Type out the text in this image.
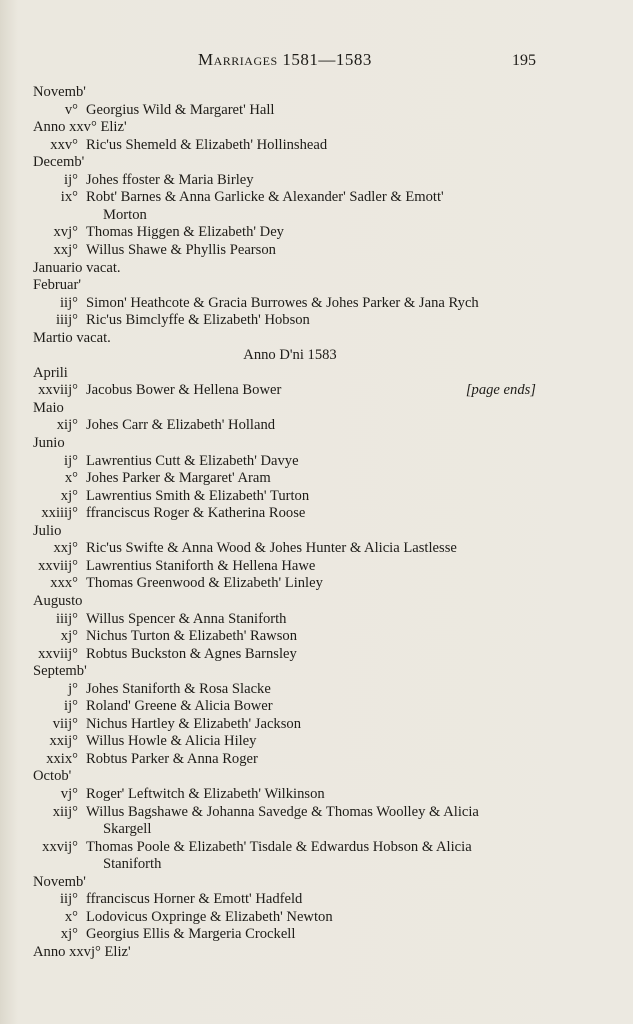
Marriages 1581—1583	195
Novemb'
v° Georgius Wild & Margaret' Hall
Anno xxv° Eliz'
xxv° Ric'us Shemeld & Elizabeth' Hollinshead
Decemb'
ij° Johes ffoster & Maria Birley
ix° Robt' Barnes & Anna Garlicke & Alexander' Sadler & Emott'
Morton
xvj° Thomas Higgen & Elizabeth' Dey
xxj° Willus Shawe & Phyllis Pearson
Januario vacat.
Februar'
iij° Simon' Heathcote & Gracia Burrowes & Johes Parker & Jana Rych
iiij° Ric'us Bimclyffe & Elizabeth' Hobson
Martio vacat.
Anno D'ni 1583
Aprili
xxviij° Jacobus Bower & Hellena Bower	[page ends]
Maio
xij° Johes Carr & Elizabeth' Holland
Junio
ij° Lawrentius Cutt & Elizabeth' Davye
x° Johes Parker & Margaret' Aram
xj° Lawrentius Smith & Elizabeth' Turton
xxiiij° ffranciscus Roger & Katherina Roose
Julio
xxj° Ric'us Swifte & Anna Wood & Johes Hunter & Alicia Lastlesse
xxviij° Lawrentius Staniforth & Hellena Hawe
xxx° Thomas Greenwood & Elizabeth' Linley
Augusto
iiij° Willus Spencer & Anna Staniforth
xj° Nichus Turton & Elizabeth' Rawson
xxviij° Robtus Buckston & Agnes Barnsley
Septemb'
j° Johes Staniforth & Rosa Slacke
ij° Roland' Greene & Alicia Bower
viij° Nichus Hartley & Elizabeth' Jackson
xxij° Willus Howle & Alicia Hiley
xxix° Robtus Parker & Anna Roger
Octob'
vj° Roger' Leftwitch & Elizabeth' Wilkinson
xiij° Willus Bagshawe & Johanna Savedge & Thomas Woolley & Alicia
Skargell
xxvij° Thomas Poole & Elizabeth' Tisdale & Edwardus Hobson & Alicia
Staniforth
Novemb'
iij° ffranciscus Horner & Emott' Hadfeld
x° Lodovicus Oxpringe & Elizabeth' Newton
xj° Georgius Ellis & Margeria Crockell
Anno xxvj° Eliz'
